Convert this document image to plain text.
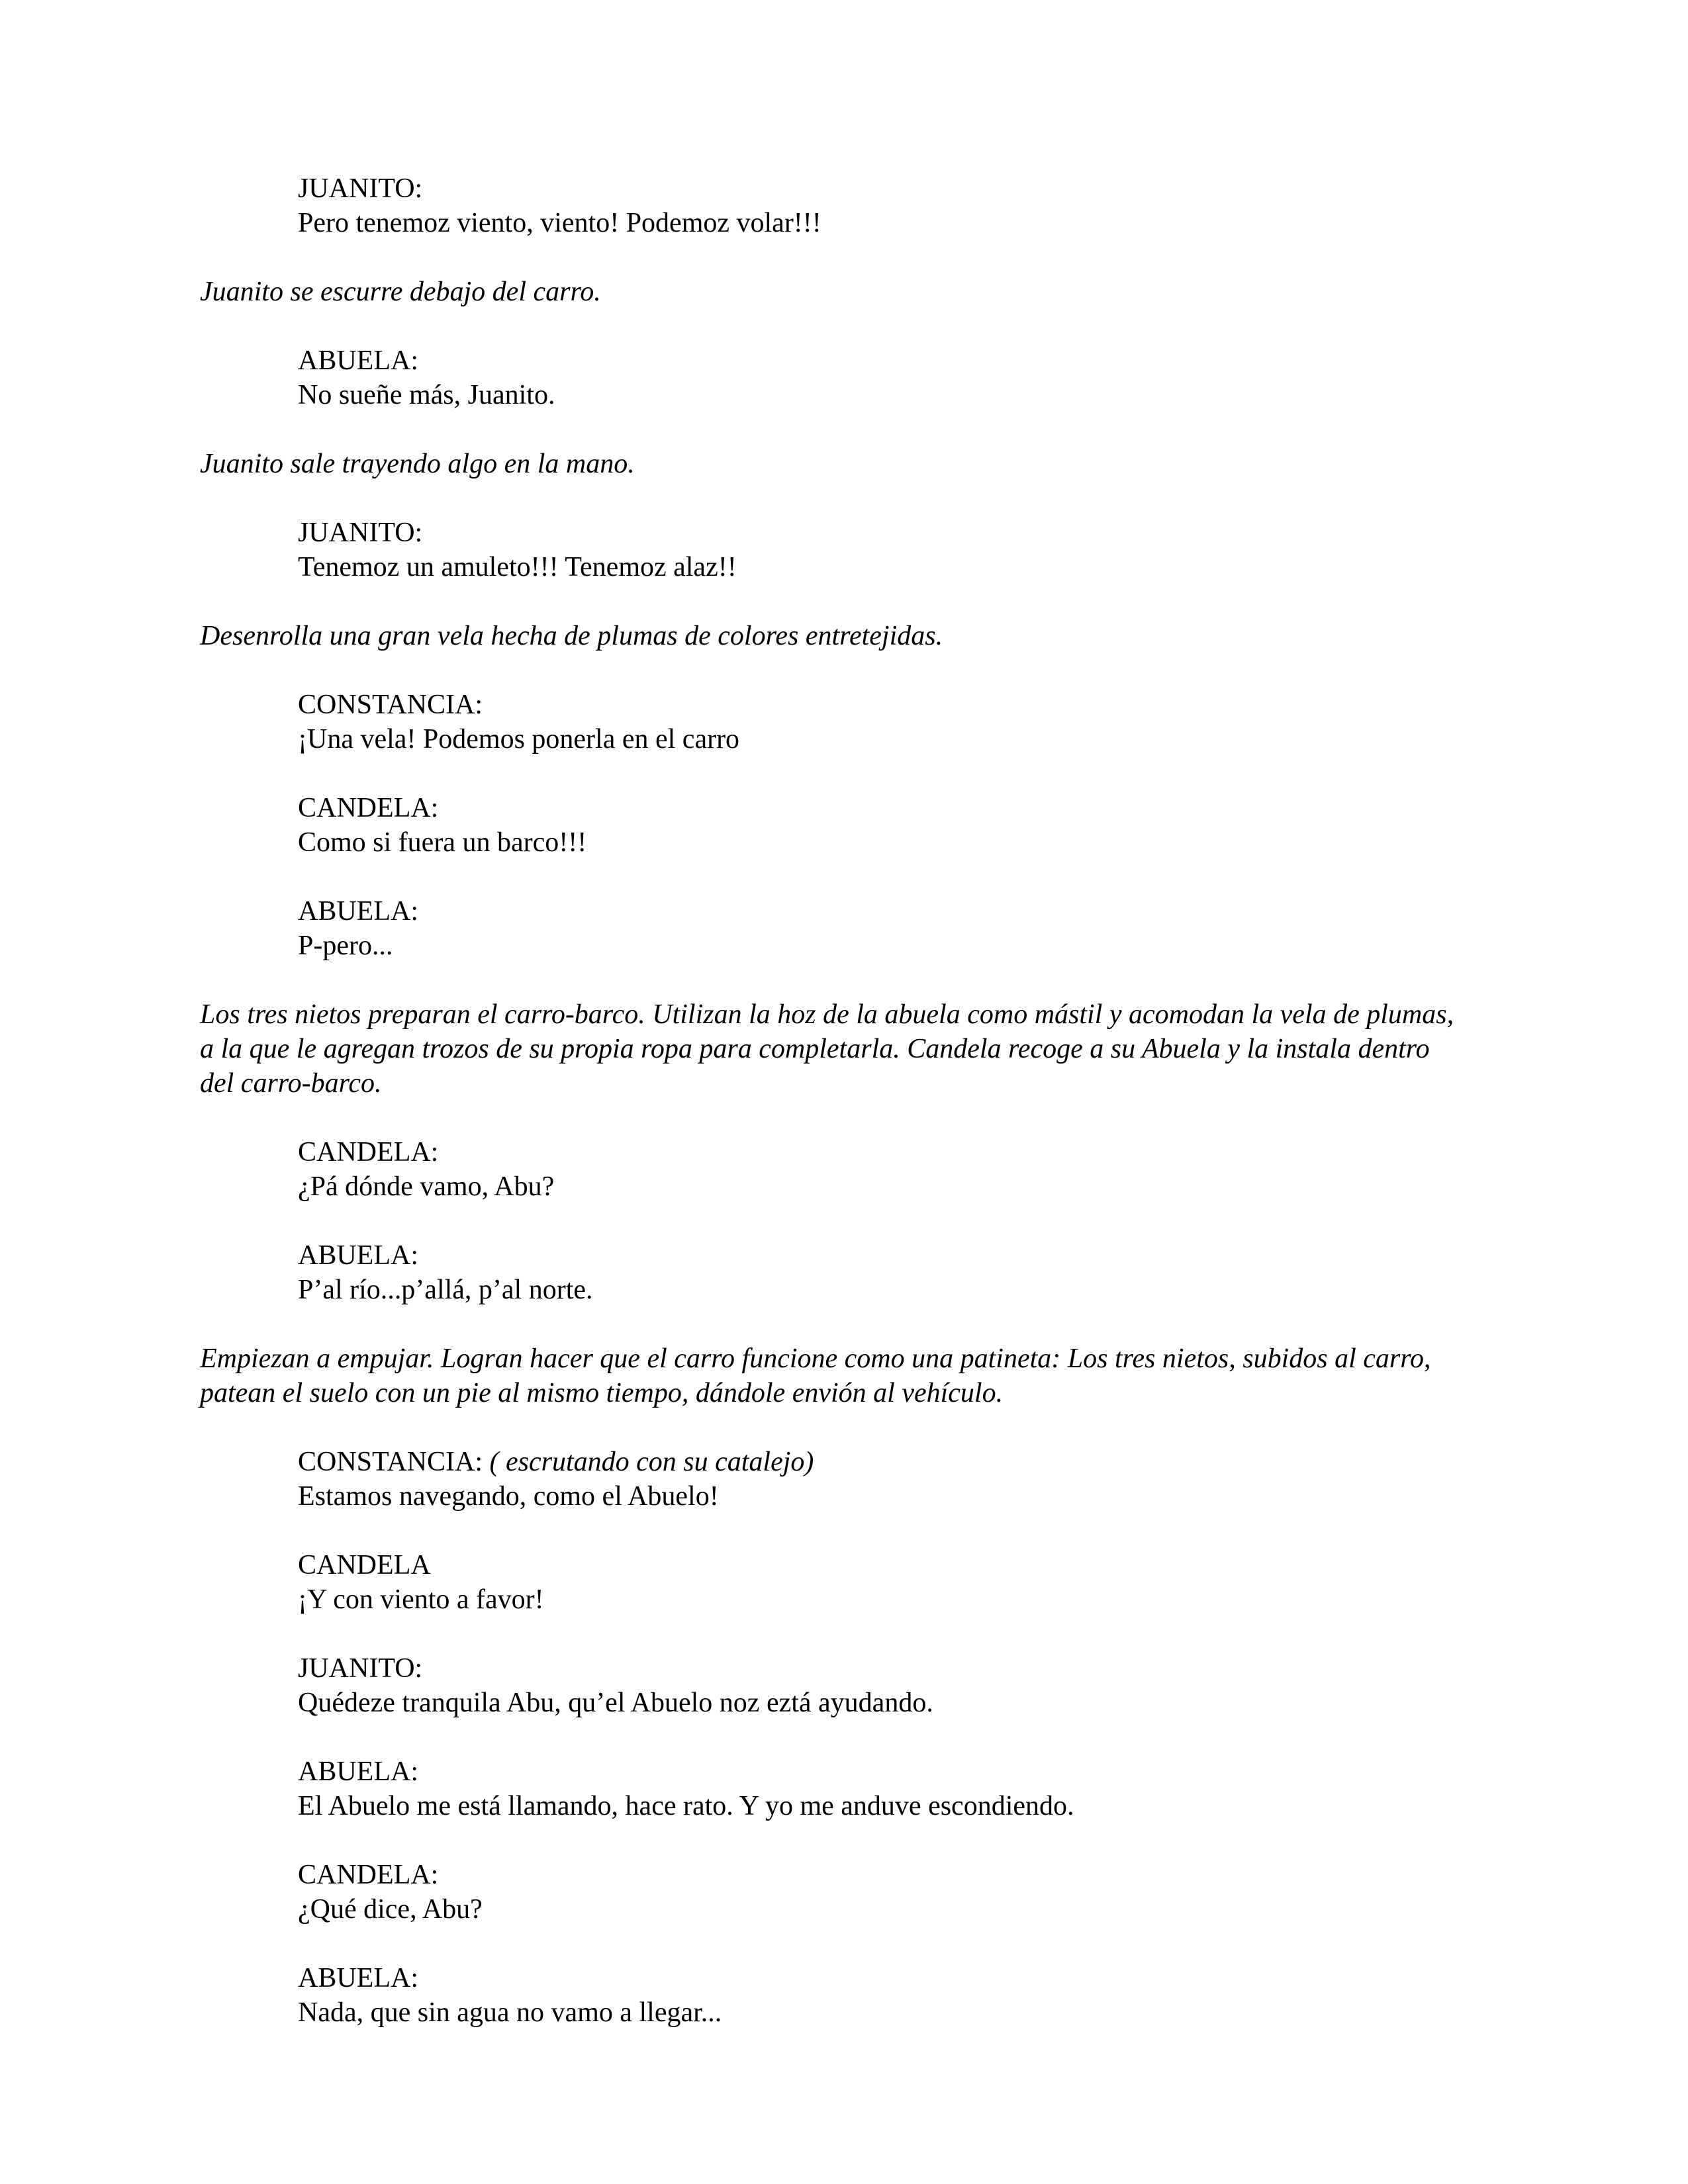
JUANITO:

Pero tenemoz viento, viento! Podemoz volar!!!

Juanito se escurre debajo del carro.

ABUELA:

No sueñe más, Juanito.

Juanito sale trayendo algo en la mano.

JUANITO:

Tenemoz un amuleto!!! Tenemoz alaz!!

Desenrolla una gran vela hecha de plumas de colores entretejidas.

CONSTANCIA:

¡Una vela! Podemos ponerla en el carro

CANDELA:

Como si fuera un barco!!!

ABUELA:

P-pero...

Los tres nietos preparan el carro-barco. Utilizan la hoz de la abuela como mástil y acomodan la vela de plumas,

a la que le agregan trozos de su propia ropa para completarla. Candela recoge a su Abuela y la instala dentro

del carro-barco.

CANDELA:

¿Pá dónde vamo, Abu?

ABUELA:

P’al río...p’allá, p’al norte.

Empiezan a empujar. Logran hacer que el carro funcione como una patineta: Los tres nietos, subidos al carro,

patean el suelo con un pie al mismo tiempo, dándole envión al vehículo.

CONSTANCIA: ( escrutando con su catalejo)

Estamos navegando, como el Abuelo!

CANDELA

¡Y con viento a favor!

JUANITO:

Quédeze tranquila Abu, qu’el Abuelo noz eztá ayudando.

ABUELA:

El Abuelo me está llamando, hace rato. Y yo me anduve escondiendo.

CANDELA:

¿Qué dice, Abu?

ABUELA:

Nada, que sin agua no vamo a llegar...
